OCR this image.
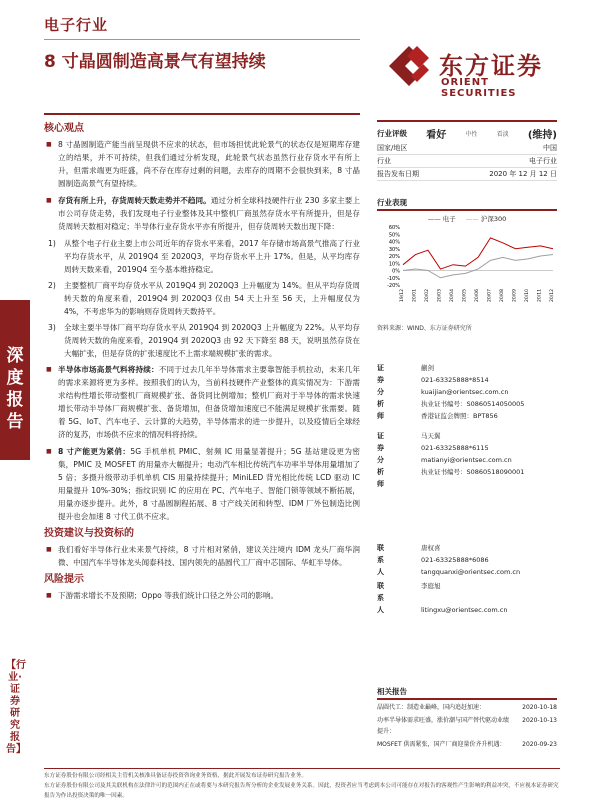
电子行业
8 寸晶圆制造高景气有望持续	东方证券
ORIENT SECURITIES
深度报告
【行业·证券研究报告】
核心观点
■ 8 寸晶圆制造产能当前呈现供不应求的状态，但市场担忧此轮景气的状态仅是短期库存建立的结果，并不可持续，但我们通过分析发现，此轮景气状态虽然行业存货水平有所上升，但需求端更为旺盛，尚不存在库存过剩的问题，去库存的周期不会很快到来，8 寸晶圆制造高景气有望持续。
■ 存货有所上升，存货周转天数走势并不趋同。通过分析全球科技硬件行业 230 多家主要上市公司存货走势，我们发现电子行业整体及其中整机厂商虽然存货水平有所提升，但是存货周转天数相对稳定；半导体行业存货水平亦有所提升，但存货周转天数出现下降：
1) 从整个电子行业主要上市公司近年的存货水平来看，2017 年存储市场高景气推高了行业平均存货水平，从 2019Q4 至 2020Q3，平均存货水平上升 17%。但是，从平均库存周转天数来看，2019Q4 至今基本维持稳定。
2) 主要整机厂商平均存货水平从 2019Q4 到 2020Q3 上升幅度为 14%。但从平均存货周转天数的角度来看，2019Q4 到 2020Q3 仅由 54 天上升至 56 天，上升幅度仅为 4%，不考虑华为的影响则存货周转天数持平。
3) 全球主要半导体厂商平均存货水平从 2019Q4 到 2020Q3 上升幅度为 22%。从平均存货周转天数的角度来看，2019Q4 到 2020Q3 由 92 天下降至 88 天，说明虽然存货在大幅扩张，但是存货的扩张速度比不上需求端规模扩张的需求。
■ 半导体市场高景气料将持续：不同于过去几年半导体需求主要靠智能手机拉动，未来几年的需求来源将更为多样。按照我们的认为，当前科技硬件产业整体的真实情况为：下游需求结构性增长带动整机厂商规模扩张、备货同比例增加；整机厂商对于半导体的需求快速增长带动半导体厂商规模扩张、备货增加，但备货增加速度已不能满足规模扩张需要。随着 5G、IoT、汽车电子、云计算的大趋势，半导体需求的进一步提升，以及疫情后全球经济的复苏，市场供不应求的情况料将持续。
■ 8 寸产能更为紧俏：5G 手机单机 PMIC、射频 IC 用量显著提升；5G 基站建设更为密集，PMIC 及 MOSFET 的用量亦大幅提升；电动汽车相比传统汽车功率半导体用量增加了 5 倍；多摄升级带动手机单机 CIS 用量持续提升；MiniLED 背光相比传统 LCD 驱动 IC 用量提升 10%-30%；指纹识别 IC 的应用在 PC、汽车电子、智能门锁等领域不断拓展，用量亦逐步提升。此外，8 寸晶圆制程拓展、8 寸产线关闭和转型、IDM 厂外包制造比例提升也会加速 8 寸代工供不应求。
投资建议与投资标的
■ 我们看好半导体行业未来景气持续，8 寸片相对紧俏，建议关注境内 IDM 龙头厂商华润微、中国汽车半导体龙头闻泰科技、国内领先的晶圆代工厂商中芯国际、华虹半导体。
风险提示
■ 下游需求增长不及预期；Oppo 等我们统计口径之外公司的影响。
行业评级 看好	中性	看淡 (维持)
国家/地区	中国
行业	电子行业
报告发布日期	2020 年 12 月 12 日
行业表现
—— 电子 —— 沪深300
60%
50%
40%
30%
20%
10%
0%
-10%
-20%
19/12 20/01 20/02 20/03 20/04 20/05 20/06 20/07 20/08 20/09 20/10 20/11 20/12
资料来源：WIND、东方证券研究所
证券分析师
蒯剑
021-63325888*8514
kuaijian@orientsec.com.cn
执业证书编号：S0860514050005
香港证监会牌照：BPT856
证券分析师
马天翼
021-63325888*6115
matianyi@orientsec.com.cn
执业证书编号：S0860518090001
联系人
唐权喜
021-63325888*6086
tangquanxi@orientsec.com.cn
联系人
李庭旭

litingxu@orientsec.com.cn
相关报告
晶圆代工：制造业巅峰，国内追赶加速：	2020-10-18
功率半导体需求旺盛，涨价潮与国产替代驱动业绩提升：
2020-10-13
MOSFET 供需紧张，国产厂商迎量价齐升机遇：	2020-09-23
东方证券股份有限公司经相关主管机关核准具备证券投资咨询业务资格，据此开展发布证券研究报告业务。
东方证券股份有限公司及其关联机构在法律许可的范围内正在或将要与本研究报告所分析的企业发展业务关系。因此，投资者应当考虑到本公司可能存在对报告的客观性产生影响的利益冲突，不应视本证券研究报告为作出投资决策的唯一因素。
